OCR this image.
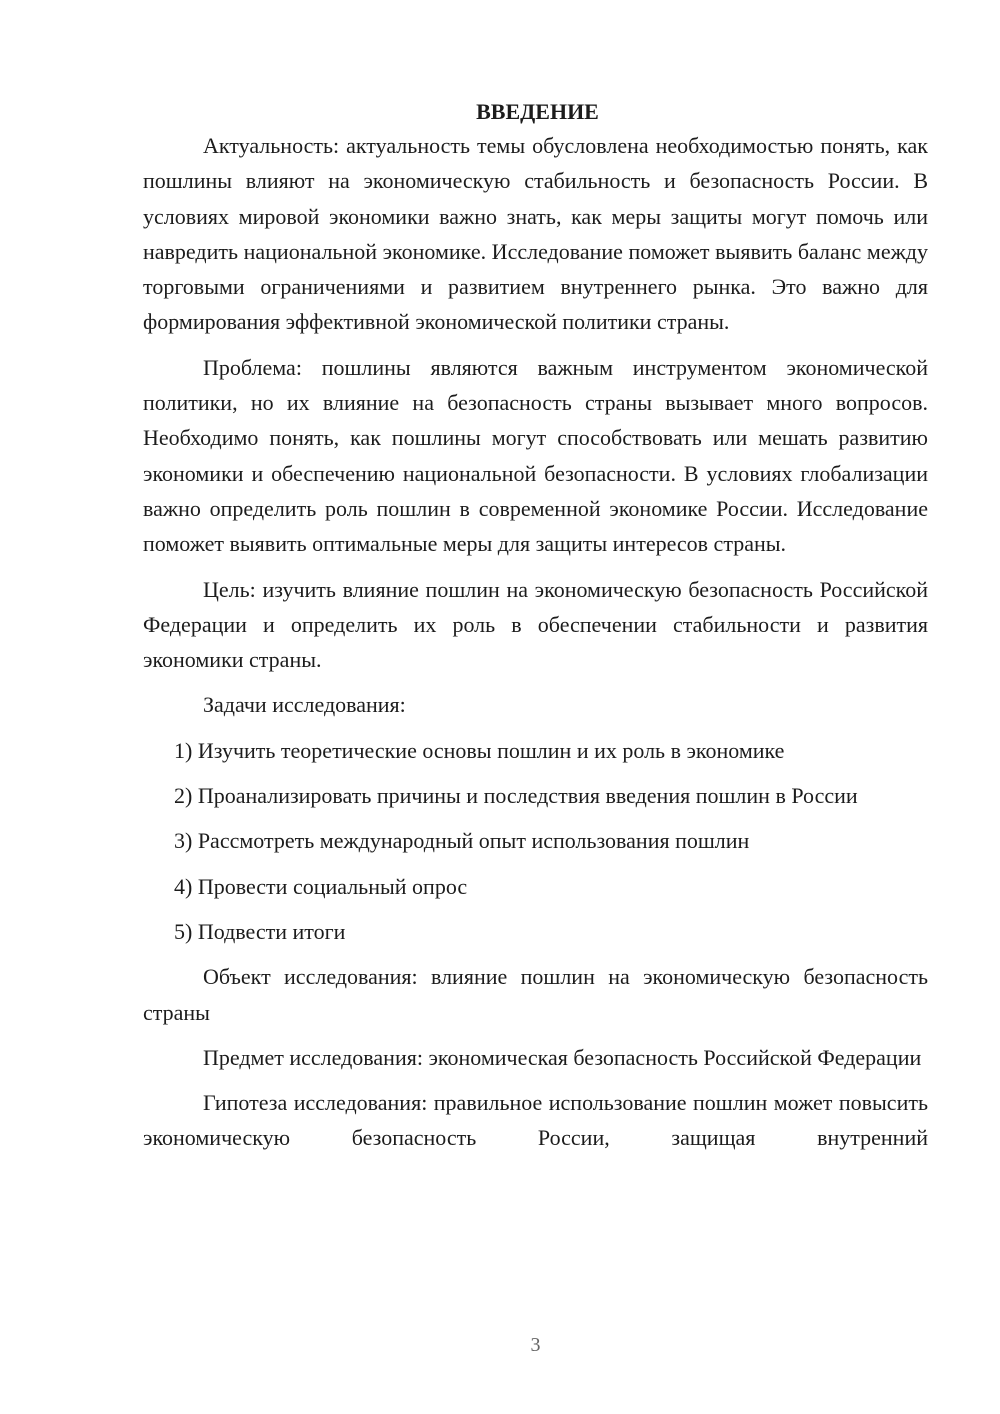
ВВЕДЕНИЕ

Актуальность: актуальность темы обусловлена необходимостью понять, как пошлины влияют на экономическую стабильность и безопасность России. В условиях мировой экономики важно знать, как меры защиты могут помочь или навредить национальной экономике. Исследование поможет выявить баланс между торговыми ограничениями и развитием внутреннего рынка. Это важно для формирования эффективной экономической политики страны.

Проблема: пошлины являются важным инструментом экономической политики, но их влияние на безопасность страны вызывает много вопросов. Необходимо понять, как пошлины могут способствовать или мешать развитию экономики и обеспечению национальной безопасности. В условиях глобализации важно определить роль пошлин в современной экономике России. Исследование поможет выявить оптимальные меры для защиты интересов страны.

Цель: изучить влияние пошлин на экономическую безопасность Российской Федерации и определить их роль в обеспечении стабильности и развития экономики страны.

Задачи исследования:

1) Изучить теоретические основы пошлин и их роль в экономике

2) Проанализировать причины и последствия введения пошлин в России

3) Рассмотреть международный опыт использования пошлин

4) Провести социальный опрос

5) Подвести итоги

Объект исследования: влияние пошлин на экономическую безопасность страны

Предмет исследования: экономическая безопасность Российской Федерации

Гипотеза исследования: правильное использование пошлин может повысить экономическую безопасность России, защищая внутренний

3
